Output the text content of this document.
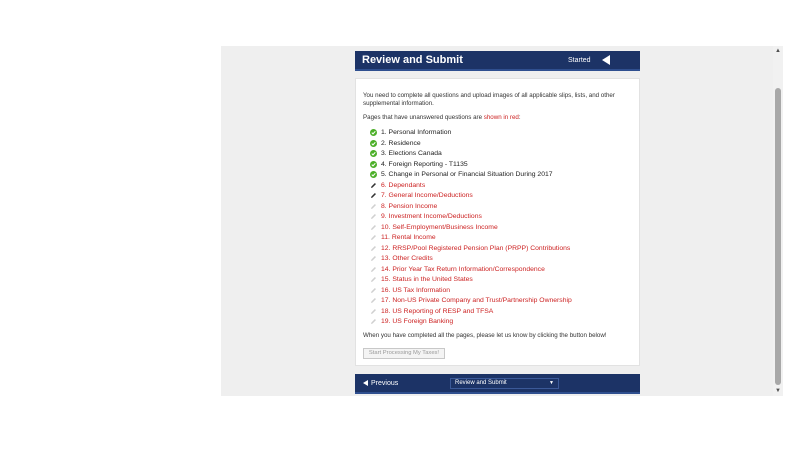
▲
▼
Review and Submit	Started
You need to complete all questions and upload images of all applicable slips, lists, and other supplemental information.
Pages that have unanswered questions are shown in red:
1. Personal Information
2. Residence
3. Elections Canada
4. Foreign Reporting - T1135
5. Change in Personal or Financial Situation During 2017
6. Dependants
7. General Income/Deductions
8. Pension Income
9. Investment Income/Deductions
10. Self-Employment/Business Income
11. Rental Income
12. RRSP/Pool Registered Pension Plan (PRPP) Contributions
13. Other Credits
14. Prior Year Tax Return Information/Correspondence
15. Status in the United States
16. US Tax Information
17. Non-US Private Company and Trust/Partnership Ownership
18. US Reporting of RESP and TFSA
19. US Foreign Banking
When you have completed all the pages, please let us know by clicking the button below!
Start Processing My Taxes!
Previous	Review and Submit	▼
